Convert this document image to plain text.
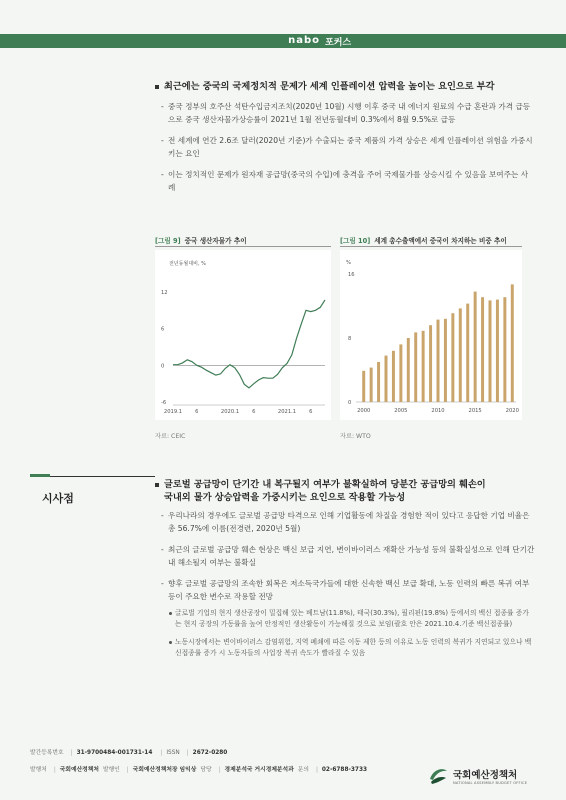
nabo 포커스
최근에는 중국의 국제정치적 문제가 세계 인플레이션 압력을 높이는 요인으로 부각
- 중국 정부의 호주산 석탄수입금지조치(2020년 10월) 시행 이후 중국 내 에너지 원료의 수급 혼란과 가격 급등으로 중국 생산자물가상승률이 2021년 1월 전년동월대비 0.3%에서 8월 9.5%로 급등
- 전 세계에 연간 2.6조 달러(2020년 기준)가 수출되는 중국 제품의 가격 상승은 세계 인플레이션 위험을 가중시키는 요인
- 이는 정치적인 문제가 원자재 공급망(중국의 수입)에 충격을 주어 국제물가를 상승시킬 수 있음을 보여주는 사례
[그림 9] 중국 생산자물가 추이
전년동월대비, %
12
6
0
-6
2019.1	6	2020.1	6	2021.1	6
자료: CEIC
[그림 10] 세계 총수출액에서 중국이 차지하는 비중 추이
%
16
8
0
2000	2005	2010	2015	2020
자료: WTO
시사점
글로벌 공급망이 단기간 내 복구될지 여부가 불확실하여 당분간 공급망의 훼손이
국내외 물가 상승압력을 가중시키는 요인으로 작용할 가능성
- 우리나라의 경우에도 글로벌 공급망 타격으로 인해 기업활동에 차질을 경험한 적이 있다고 응답한 기업 비율은 총 56.7%에 이름(전경련, 2020년 5월)
- 최근의 글로벌 공급망 훼손 현상은 백신 보급 지연, 변이바이러스 재확산 가능성 등의 불확실성으로 인해 단기간 내 해소될지 여부는 불확실
- 향후 글로벌 공급망의 조속한 회복은 저소득국가들에 대한 신속한 백신 보급 확대, 노동 인력의 빠른 복귀 여부 등이 주요한 변수로 작용할 전망
글로벌 기업의 현지 생산공장이 밀집해 있는 베트남(11.8%), 태국(30.3%), 필리핀(19.8%) 등에서의 백신 접종률 증가는 현지 공장의 가동률을 높여 안정적인 생산활동이 가능해질 것으로 보임(괄호 안은 2021.10.4.기준 백신접종률)
노동시장에서는 변이바이러스 감염위험, 지역 폐쇄에 따른 이동 제한 등의 이유로 노동 인력의 복귀가 지연되고 있으나 백신접종률 증가 시 노동자들의 사업장 복귀 속도가 빨라질 수 있음
발간등록번호 | 31-9700484-001731-14 | ISSN | 2672-0280
발행처 | 국회예산정책처 발행인 | 국회예산정책처장 임익상 담당 | 경제분석국 거시경제분석과 문의 | 02-6788-3733	국회예산정책처
NATIONAL ASSEMBLY BUDGET OFFICE
